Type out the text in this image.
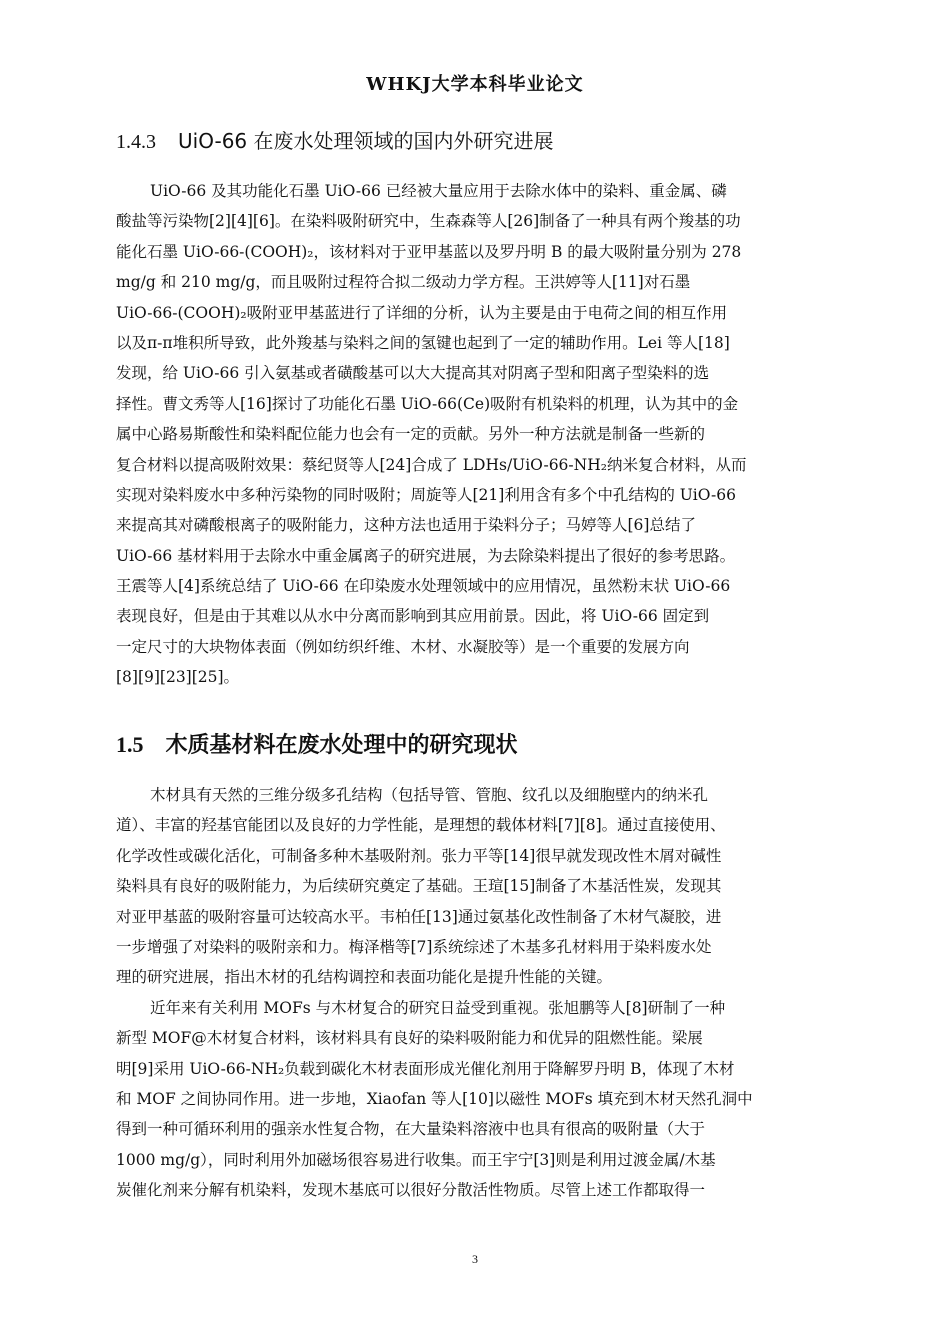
WHKJ大学本科毕业论文
1.4.3 UiO-66 在废水处理领域的国内外研究进展
UiO-66 及其功能化石墨 UiO-66 已经被大量应用于去除水体中的染料、重金属、磷
酸盐等污染物[2][4][6]。在染料吸附研究中，生森森等人[26]制备了一种具有两个羧基的功
能化石墨 UiO-66-(COOH)₂，该材料对于亚甲基蓝以及罗丹明 B 的最大吸附量分别为 278
mg/g 和 210 mg/g，而且吸附过程符合拟二级动力学方程。王洪婷等人[11]对石墨
UiO-66-(COOH)₂吸附亚甲基蓝进行了详细的分析，认为主要是由于电荷之间的相互作用
以及π-π堆积所导致，此外羧基与染料之间的氢键也起到了一定的辅助作用。Lei 等人[18]
发现，给 UiO-66 引入氨基或者磺酸基可以大大提高其对阴离子型和阳离子型染料的选
择性。曹文秀等人[16]探讨了功能化石墨 UiO-66(Ce)吸附有机染料的机理，认为其中的金
属中心路易斯酸性和染料配位能力也会有一定的贡献。另外一种方法就是制备一些新的
复合材料以提高吸附效果：蔡纪贤等人[24]合成了 LDHs/UiO-66-NH₂纳米复合材料，从而
实现对染料废水中多种污染物的同时吸附；周旋等人[21]利用含有多个中孔结构的 UiO-66
来提高其对磷酸根离子的吸附能力，这种方法也适用于染料分子；马婷等人[6]总结了
UiO-66 基材料用于去除水中重金属离子的研究进展，为去除染料提出了很好的参考思路。
王震等人[4]系统总结了 UiO-66 在印染废水处理领域中的应用情况，虽然粉末状 UiO-66
表现良好，但是由于其难以从水中分离而影响到其应用前景。因此，将 UiO-66 固定到
一定尺寸的大块物体表面（例如纺织纤维、木材、水凝胶等）是一个重要的发展方向
[8][9][23][25]。
1.5 木质基材料在废水处理中的研究现状
木材具有天然的三维分级多孔结构（包括导管、管胞、纹孔以及细胞壁内的纳米孔
道）、丰富的羟基官能团以及良好的力学性能，是理想的载体材料[7][8]。通过直接使用、
化学改性或碳化活化，可制备多种木基吸附剂。张力平等[14]很早就发现改性木屑对碱性
染料具有良好的吸附能力，为后续研究奠定了基础。王瑄[15]制备了木基活性炭，发现其
对亚甲基蓝的吸附容量可达较高水平。韦柏任[13]通过氨基化改性制备了木材气凝胶，进
一步增强了对染料的吸附亲和力。梅泽楷等[7]系统综述了木基多孔材料用于染料废水处
理的研究进展，指出木材的孔结构调控和表面功能化是提升性能的关键。
近年来有关利用 MOFs 与木材复合的研究日益受到重视。张旭鹏等人[8]研制了一种
新型 MOF@木材复合材料，该材料具有良好的染料吸附能力和优异的阻燃性能。梁展
明[9]采用 UiO-66-NH₂负载到碳化木材表面形成光催化剂用于降解罗丹明 B，体现了木材
和 MOF 之间协同作用。进一步地，Xiaofan 等人[10]以磁性 MOFs 填充到木材天然孔洞中
得到一种可循环利用的强亲水性复合物，在大量染料溶液中也具有很高的吸附量（大于
1000 mg/g），同时利用外加磁场很容易进行收集。而王宇宁[3]则是利用过渡金属/木基
炭催化剂来分解有机染料，发现木基底可以很好分散活性物质。尽管上述工作都取得一
3
